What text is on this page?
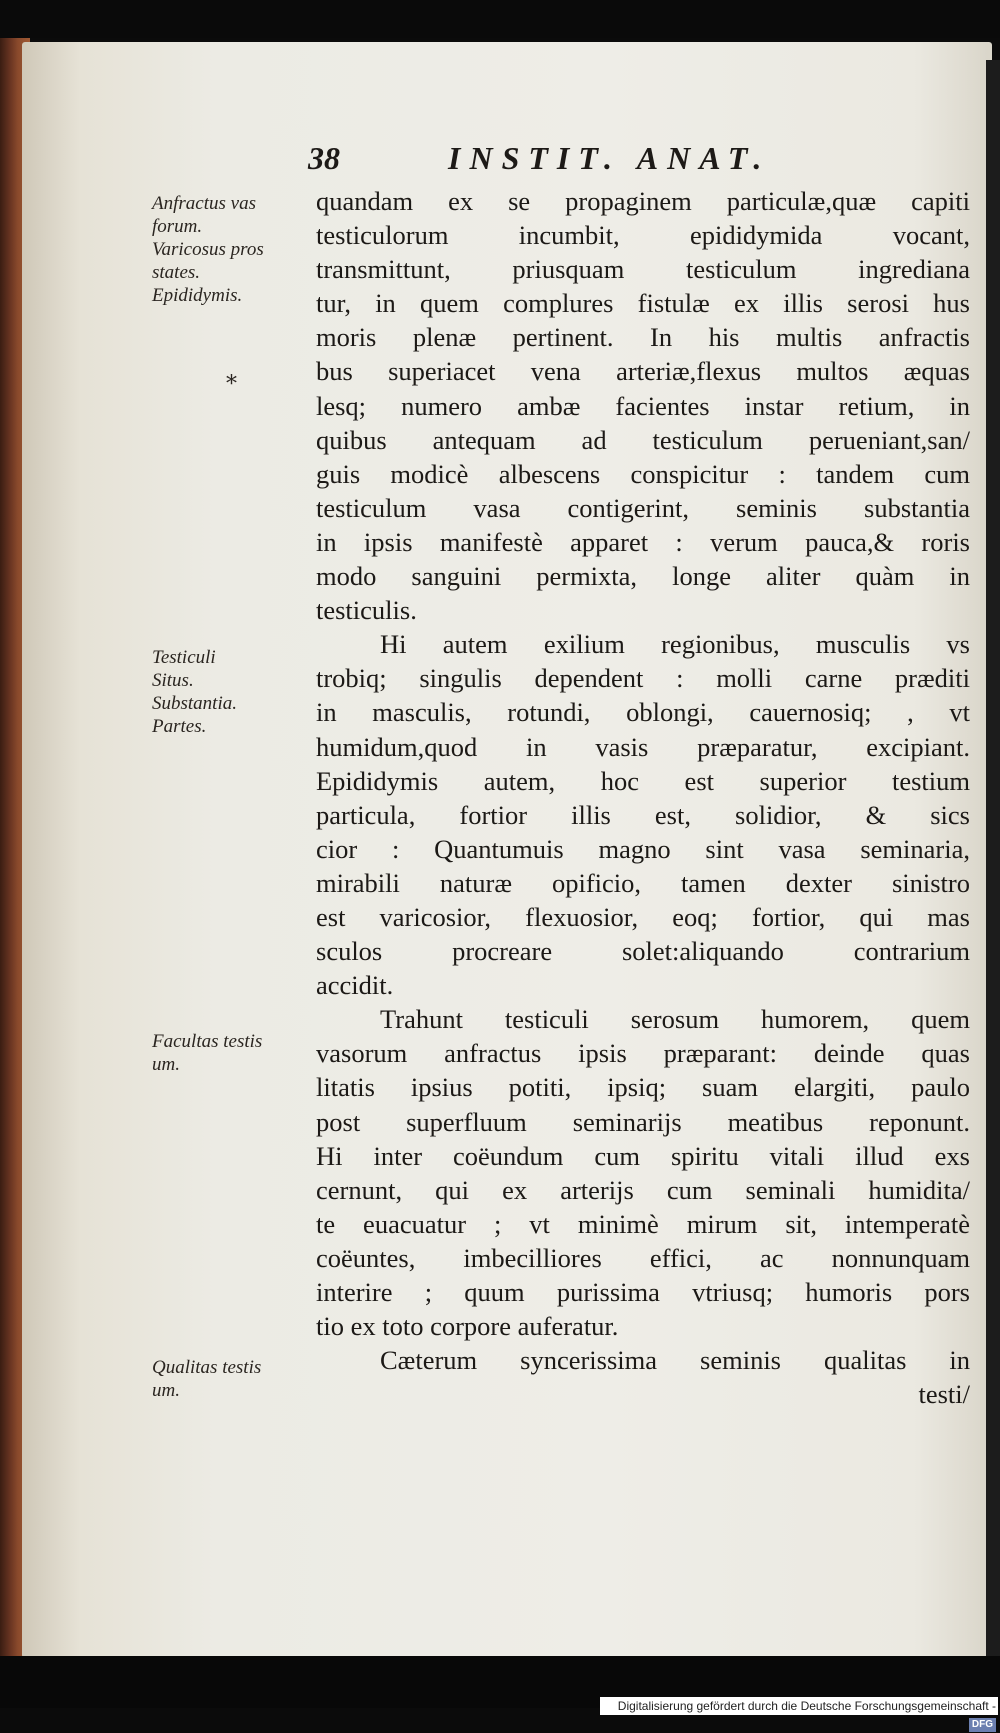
38	INSTIT. ANAT.
Anfractus vas
forum.
Varicosus pros
states.
Epididymis.
*
Testiculi
Situs.
Substantia.
Partes.
Facultas testis
um.
Qualitas testis
um.
quandam ex se propaginem particulæ,quæ capiti
testiculorum incumbit, epididymida vocant,
transmittunt, priusquam testiculum ingrediana
tur, in quem complures fistulæ ex illis serosi hus
moris plenæ pertinent. In his multis anfractis
bus superiacet vena arteriæ,flexus multos æquas
lesq; numero ambæ facientes instar retium, in
quibus antequam ad testiculum perueniant,san/
guis modicè albescens conspicitur : tandem cum
testiculum vasa contigerint, seminis substantia
in ipsis manifestè apparet : verum pauca,& roris
modo sanguini permixta, longe aliter quàm in
testiculis.
Hi autem exilium regionibus, musculis vs
trobiq; singulis dependent : molli carne præditi
in masculis, rotundi, oblongi, cauernosiq; , vt
humidum,quod in vasis præparatur, excipiant.
Epididymis autem, hoc est superior testium
particula, fortior illis est, solidior, & sics
cior : Quantumuis magno sint vasa seminaria,
mirabili naturæ opificio, tamen dexter sinistro
est varicosior, flexuosior, eoq; fortior, qui mas
sculos procreare solet:aliquando contrarium
accidit.
Trahunt testiculi serosum humorem, quem
vasorum anfractus ipsis præparant: deinde quas
litatis ipsius potiti, ipsiq; suam elargiti, paulo
post superfluum seminarijs meatibus reponunt.
Hi inter coëundum cum spiritu vitali illud exs
cernunt, qui ex arterijs cum seminali humidita/
te euacuatur ; vt minimè mirum sit, intemperatè
coëuntes, imbecilliores effici, ac nonnunquam
interire ; quum purissima vtriusq; humoris pors
tio ex toto corpore auferatur.
Cæterum syncerissima seminis qualitas in
testi/
Digitalisierung gefördert durch die Deutsche Forschungsgemeinschaft -DFG
